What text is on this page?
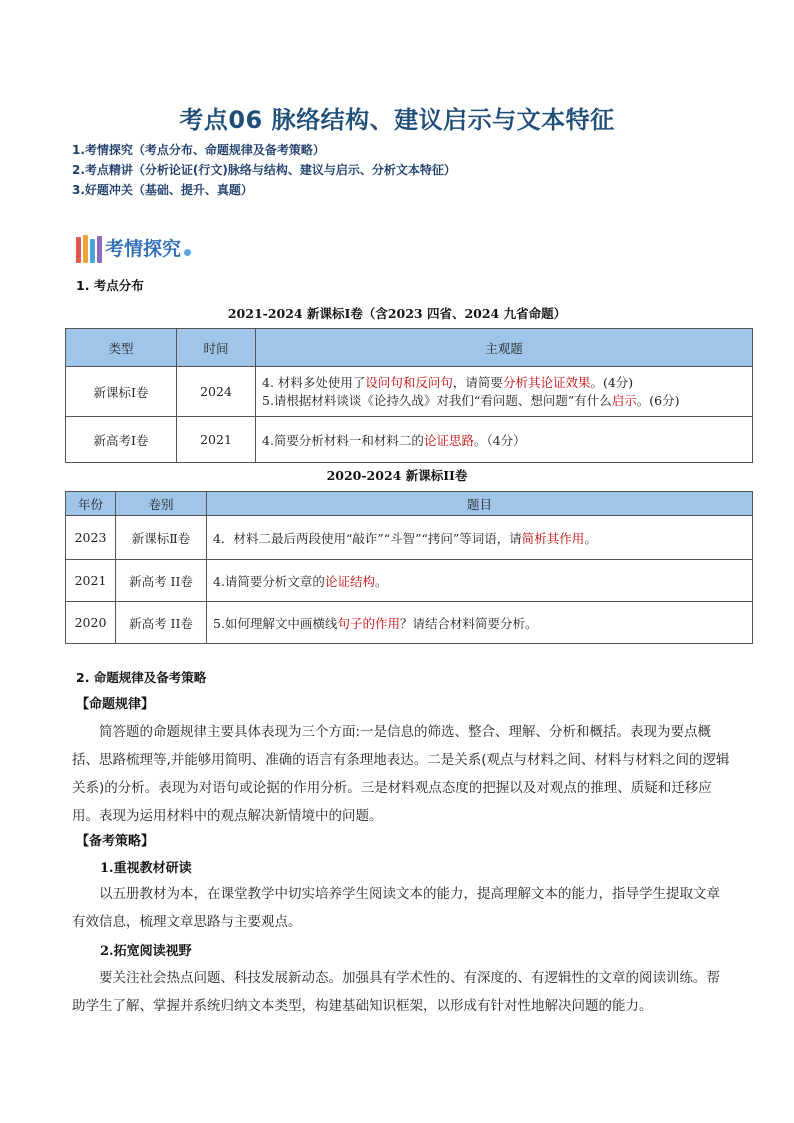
考点06 脉络结构、建议启示与文本特征
1.考情探究（考点分布、命题规律及备考策略）
2.考点精讲（分析论证(行文)脉络与结构、建议与启示、分析文本特征）
3.好题冲关（基础、提升、真题）
考情探究
1. 考点分布
2021-2024 新课标Ⅰ卷（含2023 四省、2024 九省命题）
类型	时间	主观题
新课标Ⅰ卷	2024	4. 材料多处使用了设问句和反问句，请简要分析其论证效果。(4分)
5.请根据材料谈谈《论持久战》对我们“看问题、想问题”有什么启示。(6分)

新高考Ⅰ卷	2021	4.简要分析材料一和材料二的论证思路。（4分）
2020-2024 新课标II卷
年份	卷别	题目
2023	新课标Ⅱ卷	4．材料二最后两段使用“敲诈”“斗智”“拷问”等词语，请简析其作用。
2021	新高考 II卷	4.请简要分析文章的论证结构。
2020	新高考 II卷	5.如何理解文中画横线句子的作用？请结合材料简要分析。
2. 命题规律及备考策略
【命题规律】
简答题的命题规律主要具体表现为三个方面:一是信息的筛选、整合、理解、分析和概括。表现为要点概括、思路梳理等,并能够用简明、准确的语言有条理地表达。二是关系(观点与材料之间、材料与材料之间的逻辑关系)的分析。表现为对语句或论据的作用分析。三是材料观点态度的把握以及对观点的推理、质疑和迁移应用。表现为运用材料中的观点解决新情境中的问题。
【备考策略】
1.重视教材研读
以五册教材为本，在课堂教学中切实培养学生阅读文本的能力，提高理解文本的能力，指导学生提取文章有效信息，梳理文章思路与主要观点。
2.拓宽阅读视野
要关注社会热点问题、科技发展新动态。加强具有学术性的、有深度的、有逻辑性的文章的阅读训练。帮助学生了解、掌握并系统归纳文本类型，构建基础知识框架，以形成有针对性地解决问题的能力。
